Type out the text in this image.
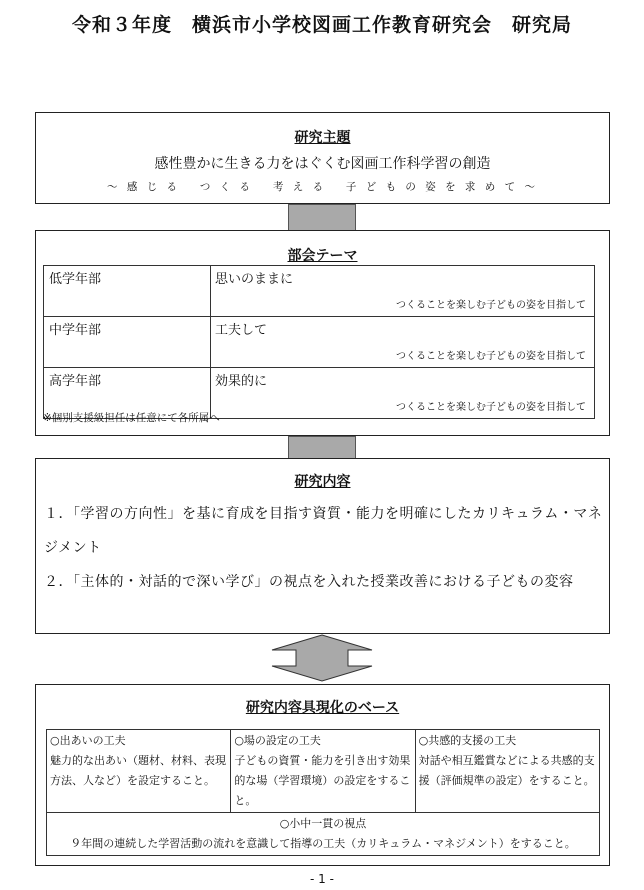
令和３年度　横浜市小学校図画工作教育研究会　研究局
研究主題
感性豊かに生きる力をはぐくむ図画工作科学習の創造
～ 感 じ る　 つ く る　 考 え る　 子 ど も の 姿 を 求 め て ～
部会テーマ
低学年部	思いのままに
つくることを楽しむ子どもの姿を目指して

中学年部	工夫して
つくることを楽しむ子どもの姿を目指して

高学年部	効果的に
つくることを楽しむ子どもの姿を目指して
※個別支援級担任は任意にて各所属へ
研究内容

１．「学習の方向性」を基に育成を目指す資質・能力を明確にしたカリキュラム・マネジメント

２．「主体的・対話的で深い学び」の視点を入れた授業改善における子どもの変容

研究内容具現化のベース
○出あいの工夫
魅力的な出あい（題材、材料、表現方法、人など）を設定すること。

○場の設定の工夫
子どもの資質・能力を引き出す効果的な場（学習環境）の設定をすること。

○共感的支援の工夫
対話や相互鑑賞などによる共感的支援（評価規準の設定）をすること。

○小中一貫の視点
９年間の連続した学習活動の流れを意識して指導の工夫（カリキュラム・マネジメント）をすること。
- 1 -
